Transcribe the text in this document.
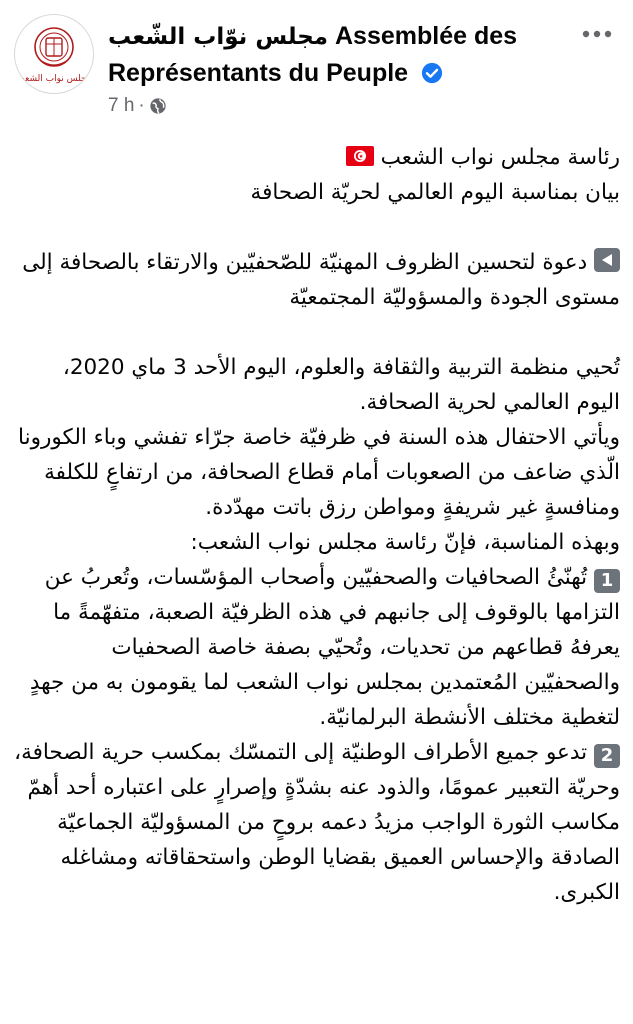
مجلس نواب الشعب
مجلس نوّاب الشّعب Assemblée des Représentants du Peuple
7 h ·

رئاسة مجلس نواب الشعب

بيان بمناسبة اليوم العالمي لحريّة الصحافة

دعوة لتحسين الظروف المهنيّة للصّحفيّين والارتقاء بالصحافة إلى مستوى الجودة والمسؤوليّة المجتمعيّة

تُحيي منظمة التربية والثقافة والعلوم، اليوم الأحد 3 ماي 2020، اليوم العالمي لحرية الصحافة.

ويأتي الاحتفال هذه السنة في ظرفيّة خاصة جرّاء تفشي وباء الكورونا الّذي ضاعف من الصعوبات أمام قطاع الصحافة، من ارتفاعٍ للكلفة ومنافسةٍ غير شريفةٍ ومواطن رزق باتت مهدّدة.

وبهذه المناسبة، فإنّ رئاسة مجلس نواب الشعب:

1 تُهنّئُ الصحافيات والصحفيّين وأصحاب المؤسّسات، وتُعربُ عن التزامها بالوقوف إلى جانبهم في هذه الظرفيّة الصعبة، متفهّمةً ما يعرفهُ قطاعهم من تحديات، وتُحيّي بصفة خاصة الصحفيات والصحفيّين المُعتمدين بمجلس نواب الشعب لما يقومون به من جهدٍ لتغطية مختلف الأنشطة البرلمانيّة.

2 تدعو جميع الأطراف الوطنيّة إلى التمسّك بمكسب حرية الصحافة، وحريّة التعبير عمومًا، والذود عنه بشدّةٍ وإصرارٍ على اعتباره أحد أهمّ مكاسب الثورة الواجب مزيدُ دعمه بروحٍ من المسؤوليّة الجماعيّة الصادقة والإحساس العميق بقضايا الوطن واستحقاقاته ومشاغله الكبرى.
